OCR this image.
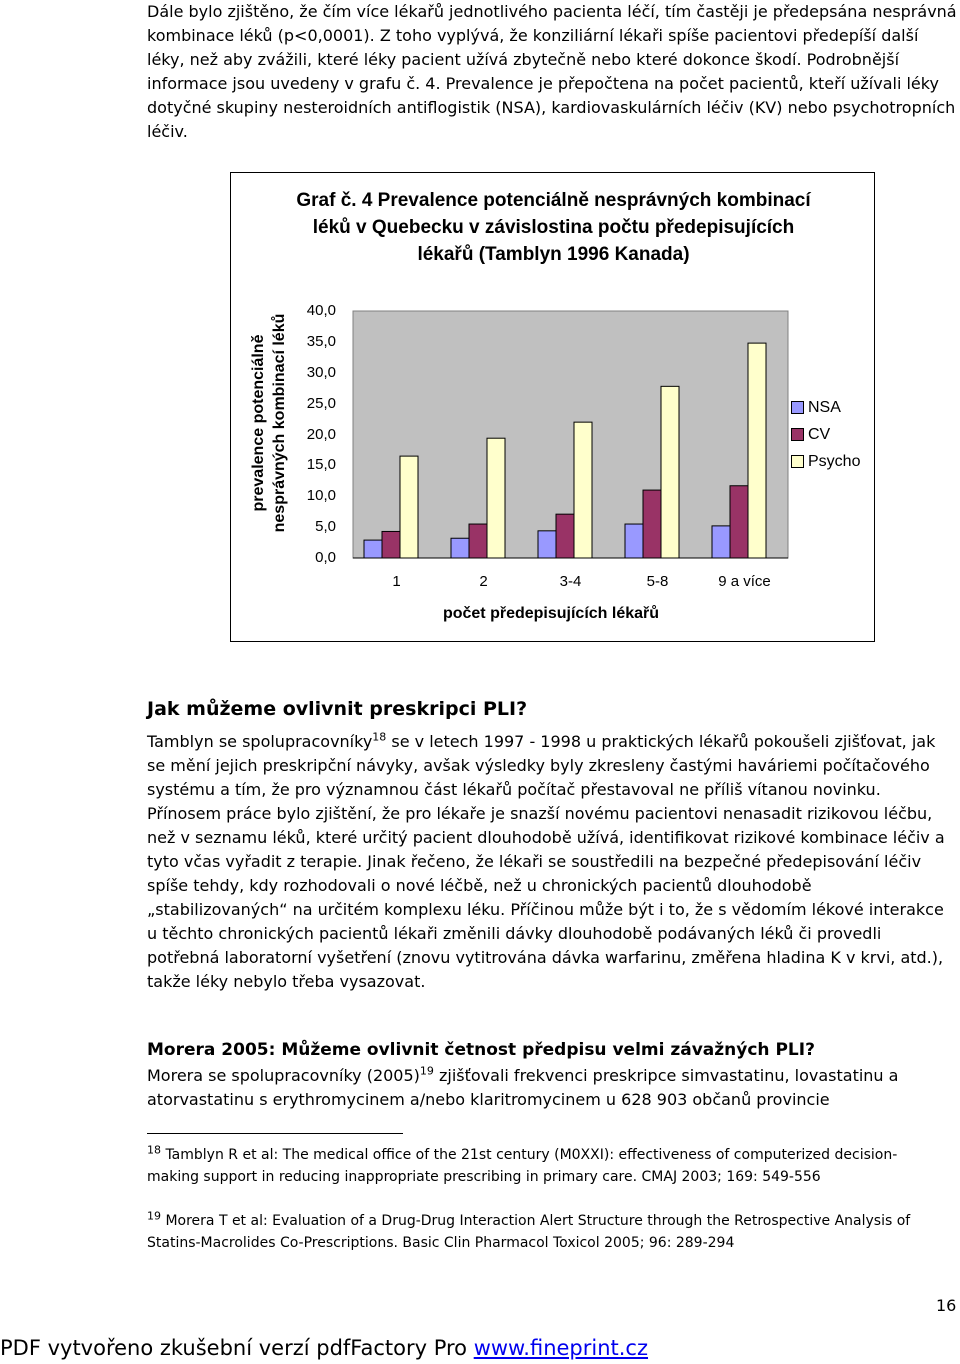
Dále bylo zjištěno, že čím více lékařů jednotlivého pacienta léčí, tím častěji je předepsána nesprávná kombinace léků (p<0,0001). Z toho vyplývá, že konziliární lékaři spíše pacientovi předepíší další léky, než aby zvážili, které léky pacient užívá zbytečně nebo které dokonce škodí. Podrobnější informace jsou uvedeny v grafu č. 4. Prevalence je přepočtena na počet pacientů, kteří užívali léky dotyčné skupiny nesteroidních antiflogistik (NSA), kardiovaskulárních léčiv (KV) nebo psychotropních léčiv.

Graf č. 4 Prevalence potenciálně nesprávných kombinací léků v Quebecku v závislostina počtu předepisujících lékařů (Tamblyn 1996 Kanada)
prevalence potenciálně nesprávných kombinací léků
0,0
5,0
10,0
15,0
20,0
25,0
30,0
35,0
40,0
1	2	3-4	5-8	9 a více
počet předepisujících lékařů
NSA
CV
Psycho
Jak můžeme ovlivnit preskripci PLI?

Tamblyn se spolupracovníky$^{18}$ se v letech 1997 - 1998 u praktických lékařů pokoušeli zjišťovat, jak se mění jejich preskripční návyky, avšak výsledky byly zkresleny častými haváriemi počítačového systému a tím, že pro významnou část lékařů počítač přestavoval ne příliš vítanou novinku. Přínosem práce bylo zjištění, že pro lékaře je snazší novému pacientovi nenasadit rizikovou léčbu, než v seznamu léků, které určitý pacient dlouhodobě užívá, identifikovat rizikové kombinace léčiv a tyto včas vyřadit z terapie. Jinak řečeno, že lékaři se soustředili na bezpečné předepisování léčiv spíše tehdy, kdy rozhodovali o nové léčbě, než u chronických pacientů dlouhodobě „stabilizovaných“ na určitém komplexu léku. Příčinou může být i to, že s vědomím lékové interakce u těchto chronických pacientů lékaři změnili dávky dlouhodobě podávaných léků či provedli potřebná laboratorní vyšetření (znovu vytitrována dávka warfarinu, změřena hladina K v krvi, atd.), takže léky nebylo třeba vysazovat.

Morera 2005: Můžeme ovlivnit četnost předpisu velmi závažných PLI?

Morera se spolupracovníky $(2005)^{19}$ zjišťovali frekvenci preskripce simvastatinu, lovastatinu a atorvastatinu s erythromycinem a/nebo klaritromycinem u 628 903 občanů provincie

$^{18}$ Tamblyn R et al: The medical office of the 21st century (M0XXI): effectiveness of computerized decision-making support in reducing inappropriate prescribing in primary care. CMAJ 2003; 169: 549-556

$^{19}$ Morera T et al: Evaluation of a Drug-Drug Interaction Alert Structure through the Retrospective Analysis of Statins-Macrolides Co-Prescriptions. Basic Clin Pharmacol Toxicol 2005; 96: 289-294

16
PDF vytvořeno zkušební verzí pdfFactory Pro www.fineprint.cz
